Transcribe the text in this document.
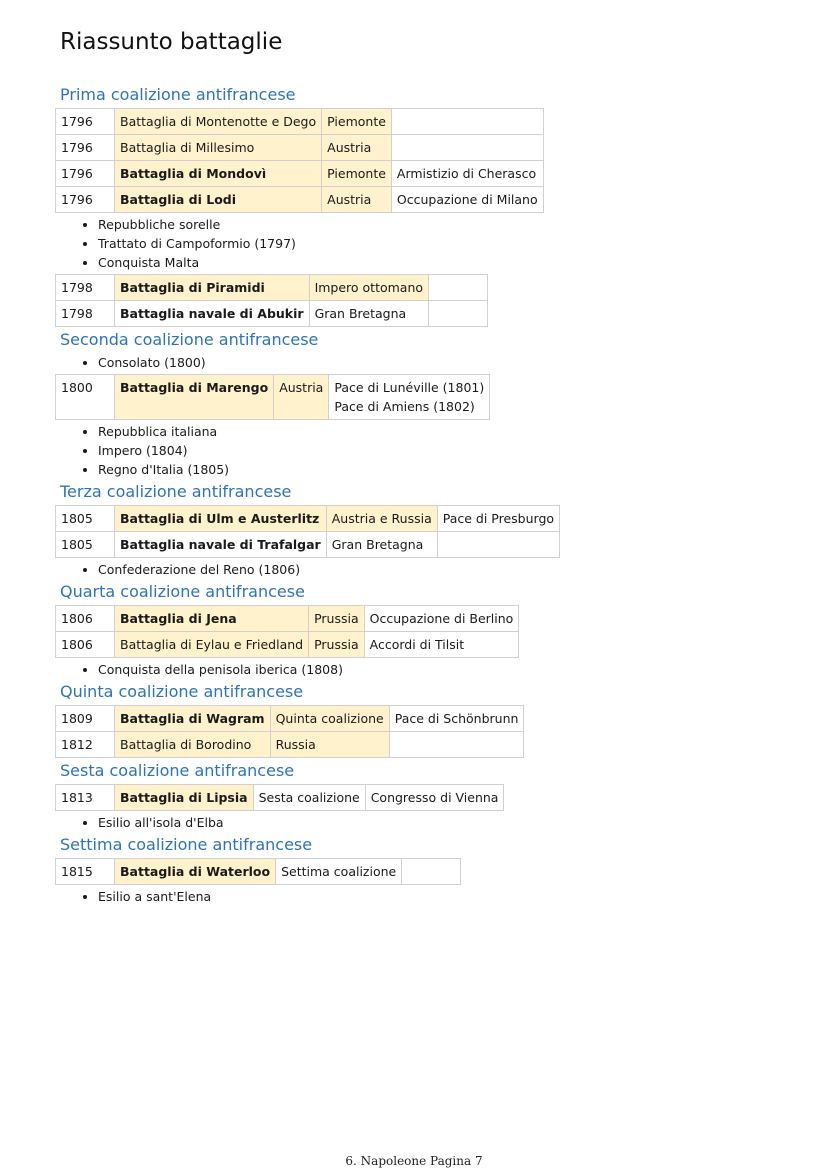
Riassunto battaglie
Prima coalizione antifrancese
1796	Battaglia di Montenotte e Dego	Piemonte	
1796	Battaglia di Millesimo	Austria	
1796	Battaglia di Mondovì	Piemonte	Armistizio di Cherasco
1796	Battaglia di Lodi	Austria	Occupazione di Milano
• Repubbliche sorelle
• Trattato di Campoformio (1797)
• Conquista Malta
1798	Battaglia di Piramidi	Impero ottomano	
1798	Battaglia navale di Abukir	Gran Bretagna	
Seconda coalizione antifrancese
• Consolato (1800)
1800	Battaglia di Marengo	Austria	Pace di Lunéville (1801)
Pace di Amiens (1802)
• Repubblica italiana
• Impero (1804)
• Regno d'Italia (1805)
Terza coalizione antifrancese
1805	Battaglia di Ulm e Austerlitz	Austria e Russia	Pace di Presburgo
1805	Battaglia navale di Trafalgar	Gran Bretagna	
• Confederazione del Reno (1806)
Quarta coalizione antifrancese
1806	Battaglia di Jena	Prussia	Occupazione di Berlino
1806	Battaglia di Eylau e Friedland	Prussia	Accordi di Tilsit
• Conquista della penisola iberica (1808)
Quinta coalizione antifrancese
1809	Battaglia di Wagram	Quinta coalizione	Pace di Schönbrunn
1812	Battaglia di Borodino	Russia	
Sesta coalizione antifrancese
1813	Battaglia di Lipsia	Sesta coalizione	Congresso di Vienna
• Esilio all'isola d'Elba
Settima coalizione antifrancese
1815	Battaglia di Waterloo	Settima coalizione	
• Esilio a sant'Elena
6. Napoleone Pagina 7
